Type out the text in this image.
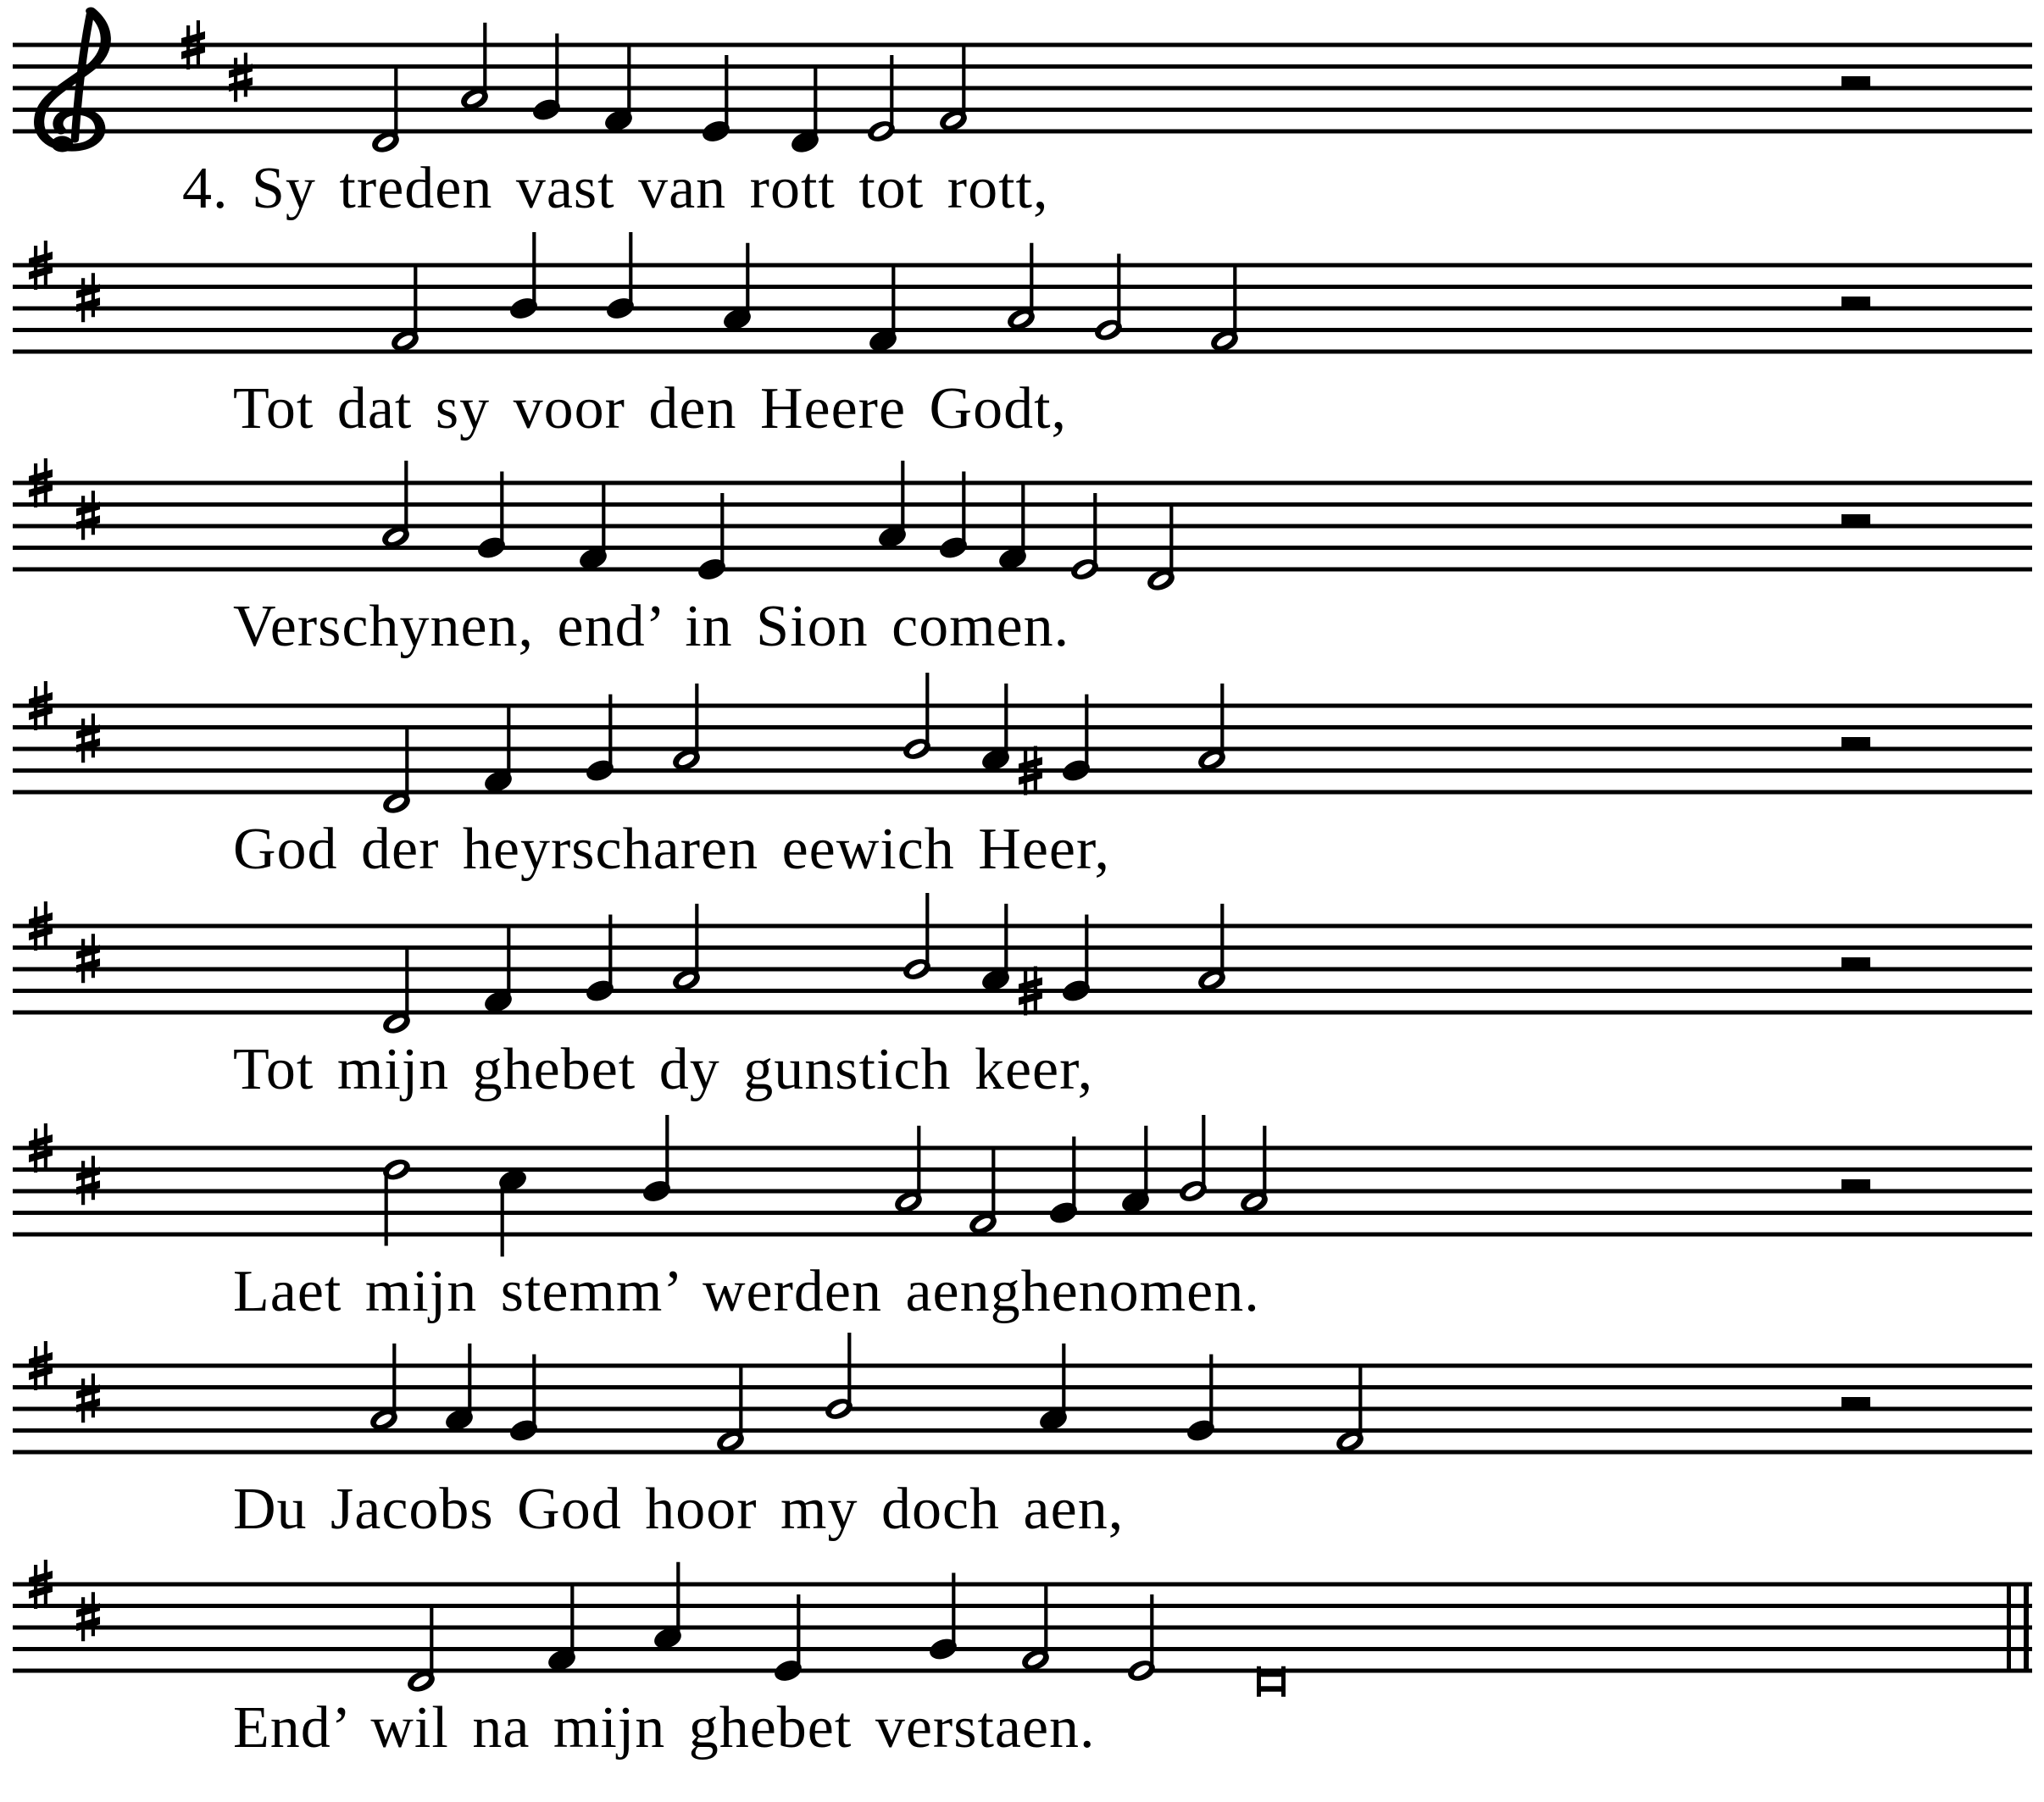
4. Sy treden vast van rott tot rott,
Tot dat sy voor den Heere Godt,
Verschynen, end’ in Sion comen.
God der heyrscharen eewich Heer,
Tot mijn ghebet dy gunstich keer,
Laet mijn stemm’ werden aenghenomen.
Du Jacobs God hoor my doch aen,
End’ wil na mijn ghebet verstaen.
